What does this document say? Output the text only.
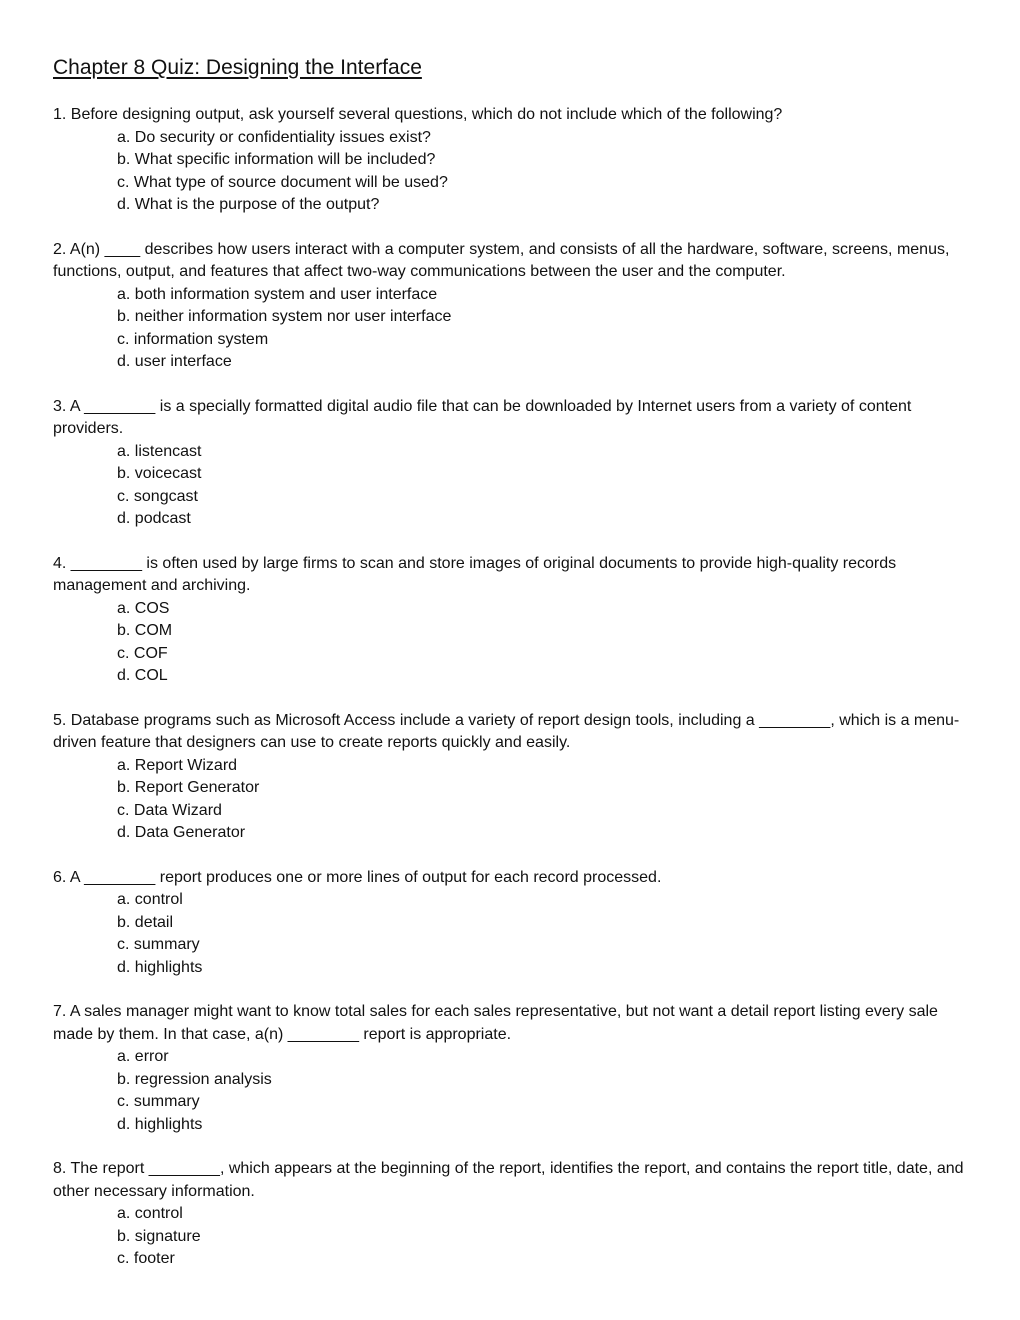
Chapter 8 Quiz: Designing the Interface

1. Before designing output, ask yourself several questions, which do not include which of the following?

a. Do security or confidentiality issues exist?
b. What specific information will be included?
c. What type of source document will be used?
d. What is the purpose of the output?

2. A(n) ____ describes how users interact with a computer system, and consists of all the hardware, software, screens, menus, functions, output, and features that affect two-way communications between the user and the computer.

a. both information system and user interface
b. neither information system nor user interface
c. information system
d. user interface

3. A ________ is a specially formatted digital audio file that can be downloaded by Internet users from a variety of content providers.

a. listencast
b. voicecast
c. songcast
d. podcast

4. ________ is often used by large firms to scan and store images of original documents to provide high-quality records management and archiving.

a. COS
b. COM
c. COF
d. COL

5. Database programs such as Microsoft Access include a variety of report design tools, including a ________, which is a menu-driven feature that designers can use to create reports quickly and easily.

a. Report Wizard
b. Report Generator
c. Data Wizard
d. Data Generator

6. A ________ report produces one or more lines of output for each record processed.

a. control
b. detail
c. summary
d. highlights

7. A sales manager might want to know total sales for each sales representative, but not want a detail report listing every sale made by them. In that case, a(n) ________ report is appropriate.

a. error
b. regression analysis
c. summary
d. highlights

8. The report ________, which appears at the beginning of the report, identifies the report, and contains the report title, date, and other necessary information.

a. control
b. signature
c. footer
